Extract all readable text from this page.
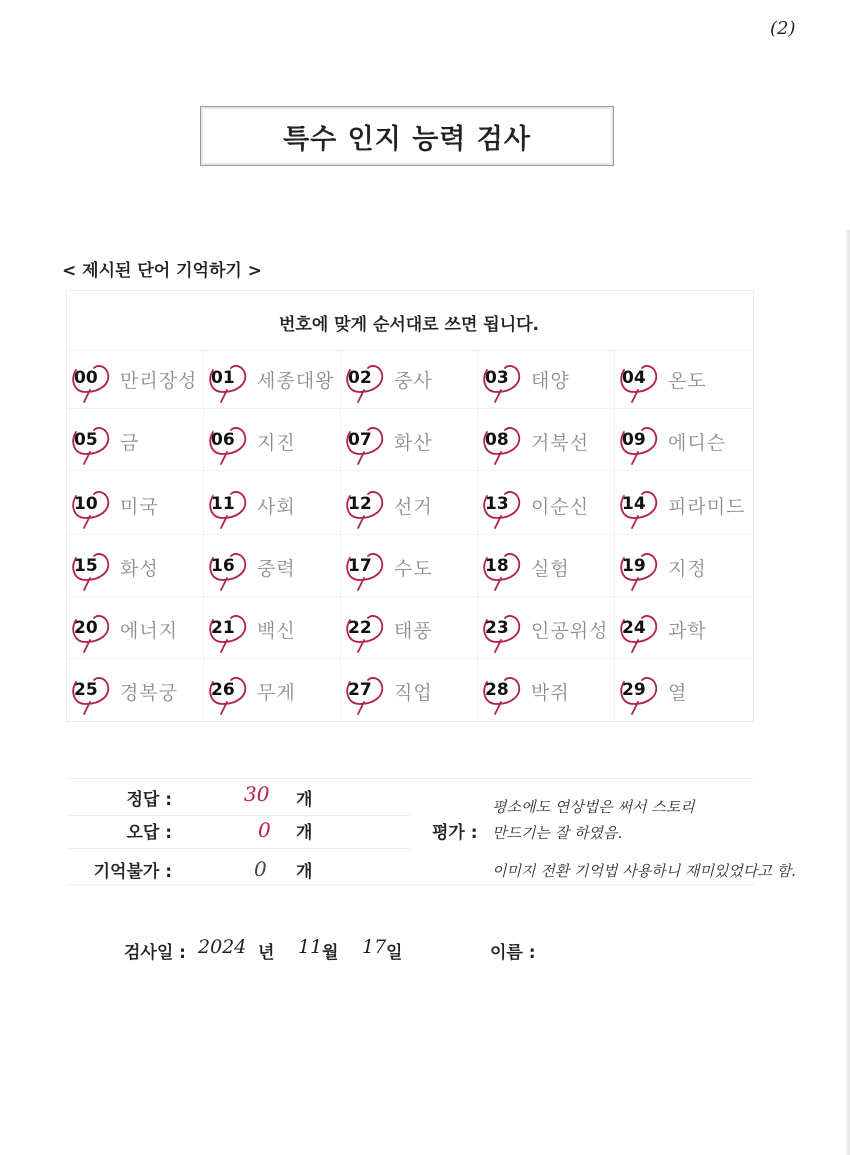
(2)
특수 인지 능력 검사
< 제시된 단어 기억하기 >
번호에 맞게 순서대로 쓰면 됩니다.
00 만리장성 01 세종대왕 02 중사	03 태양	04 온도
05 금	06 지진	07 화산	08 거북선 09 에디슨
10 미국	11 사회	12 선거	13 이순신 14 피라미드
15 화성	16 중력	17 수도	18 실험	19 지정
20 에너지 21 백신	22 태풍	23 인공위성 24 과학
25 경복궁 26 무게	27 직업	28 박쥐	29 열
정답 :	30 개
오답 :	0 개
기억불가 :	0 개
평가 :
평소에도 연상법은 써서 스토리
만드기는 잘 하였음.
이미지 전환 기억법 사용하니 재미있었다고 함.
검사일 : 2024 년 11 월 17 일	이름 :
